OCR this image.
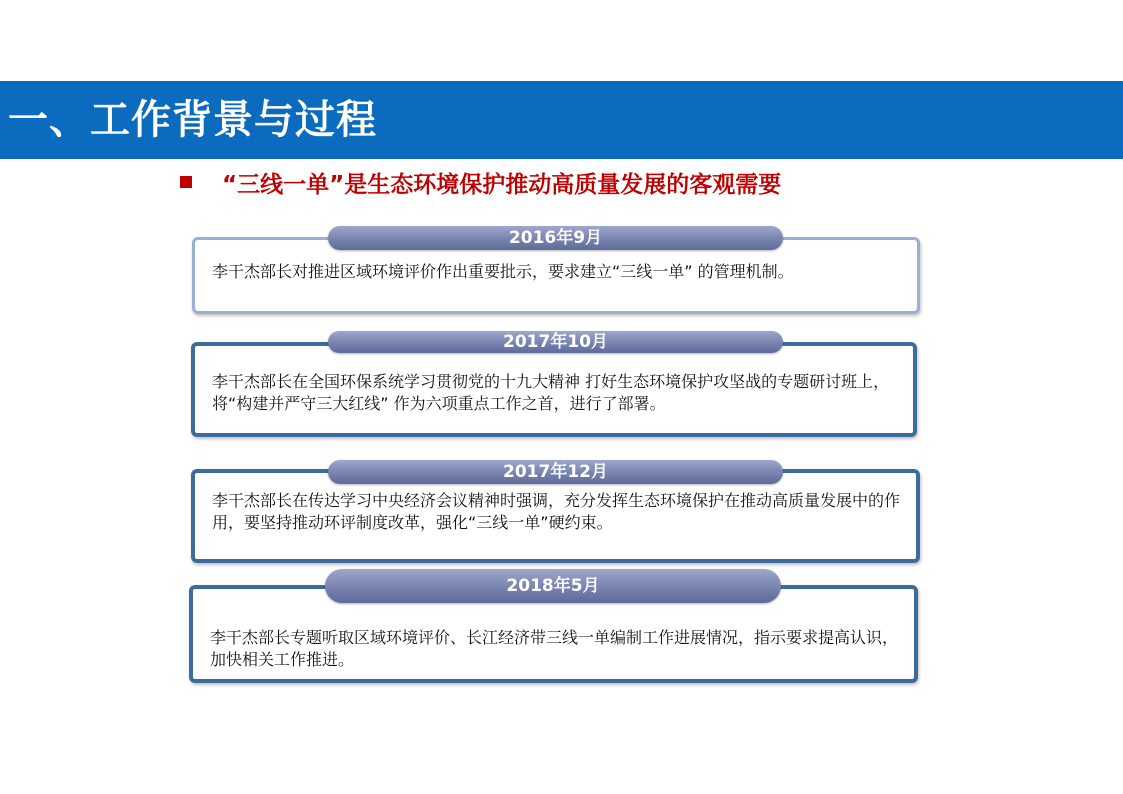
一、工作背景与过程
“三线一单”是生态环境保护推动高质量发展的客观需要
李干杰部长对推进区域环境评价作出重要批示，要求建立“三线一单” 的管理机制。
2016年9月
李干杰部长在全国环保系统学习贯彻党的十九大精神 打好生态环境保护攻坚战的专题研讨班上，将“构建并严守三大红线” 作为六项重点工作之首，进行了部署。
2017年10月
李干杰部长在传达学习中央经济会议精神时强调，充分发挥生态环境保护在推动高质量发展中的作用，要坚持推动环评制度改革，强化“三线一单”硬约束。
2017年12月
李干杰部长专题听取区域环境评价、长江经济带三线一单编制工作进展情况，指示要求提高认识，加快相关工作推进。
2018年5月
